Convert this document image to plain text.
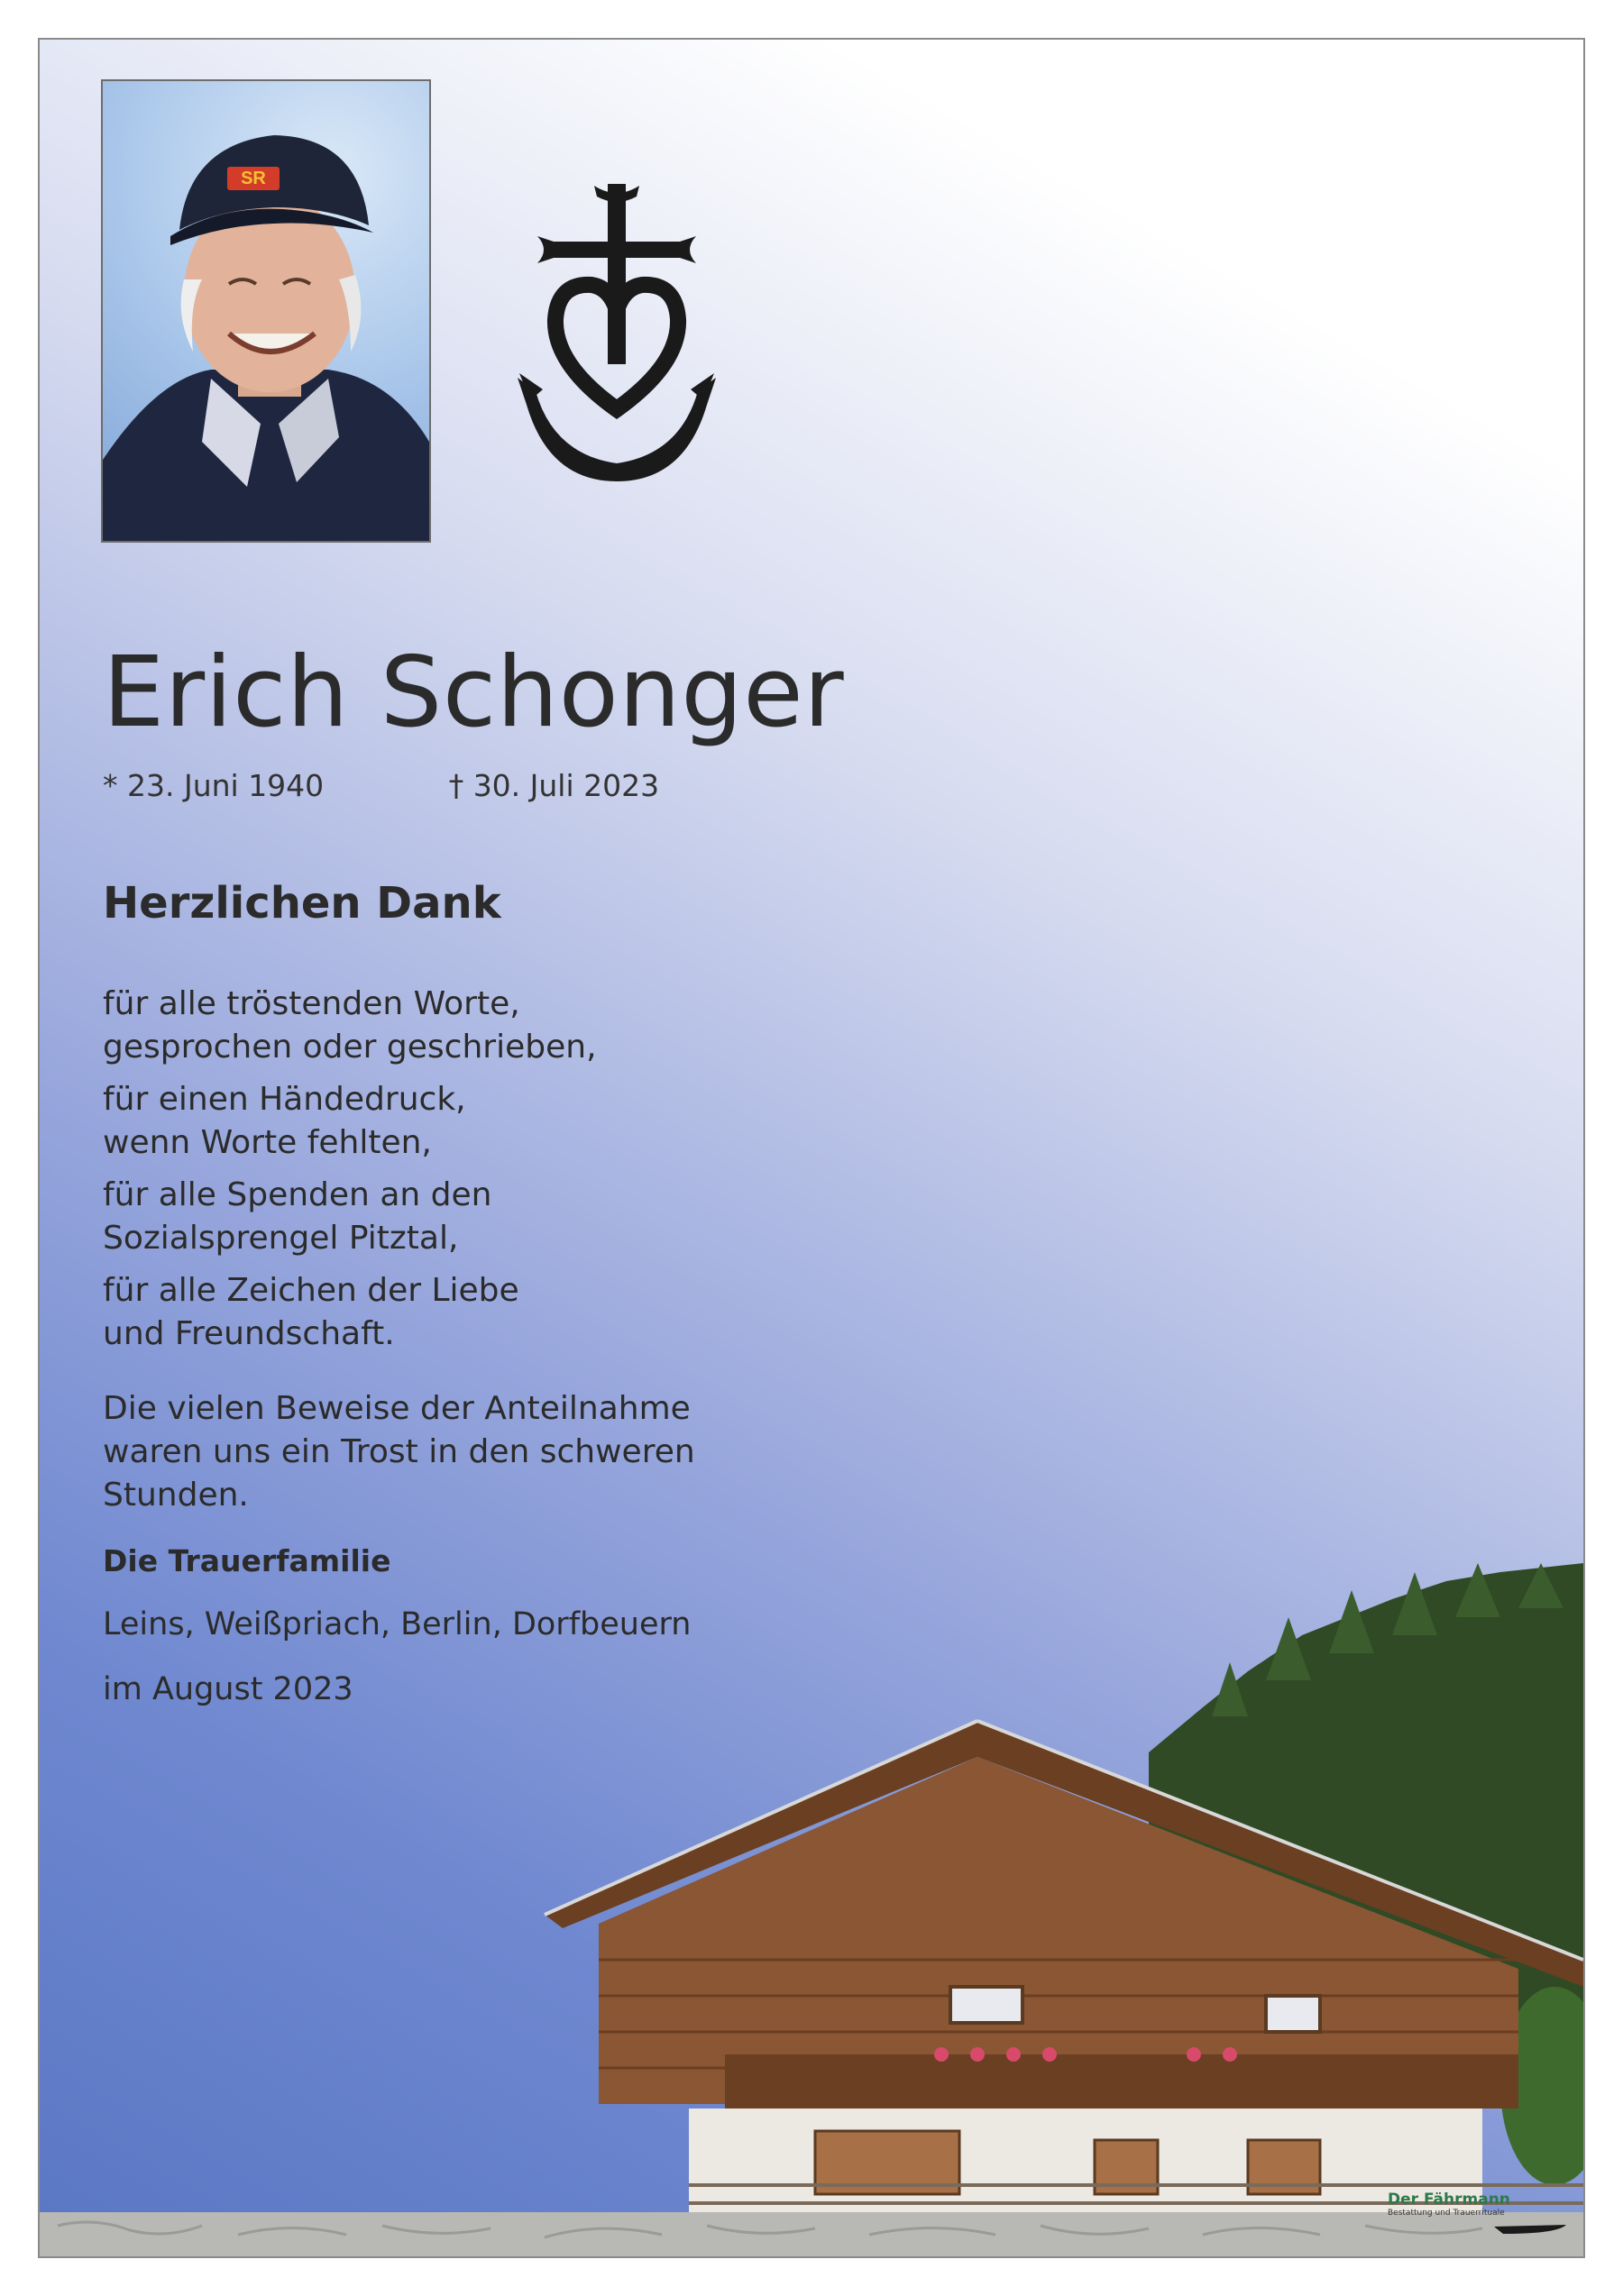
SR
Erich Schonger
* 23. Juni 1940	† 30. Juli 2023
Herzlichen Dank
für alle tröstenden Worte,
gesprochen oder geschrieben,
für einen Händedruck,
wenn Worte fehlten,
für alle Spenden an den
Sozialsprengel Pitztal,
für alle Zeichen der Liebe
und Freundschaft.
Die vielen Beweise der Anteilnahme
waren uns ein Trost in den schweren
Stunden.
Die Trauerfamilie
Leins, Weißpriach, Berlin, Dorfbeuern
im August 2023
Der Fährmann
Bestattung und Trauerrituale
